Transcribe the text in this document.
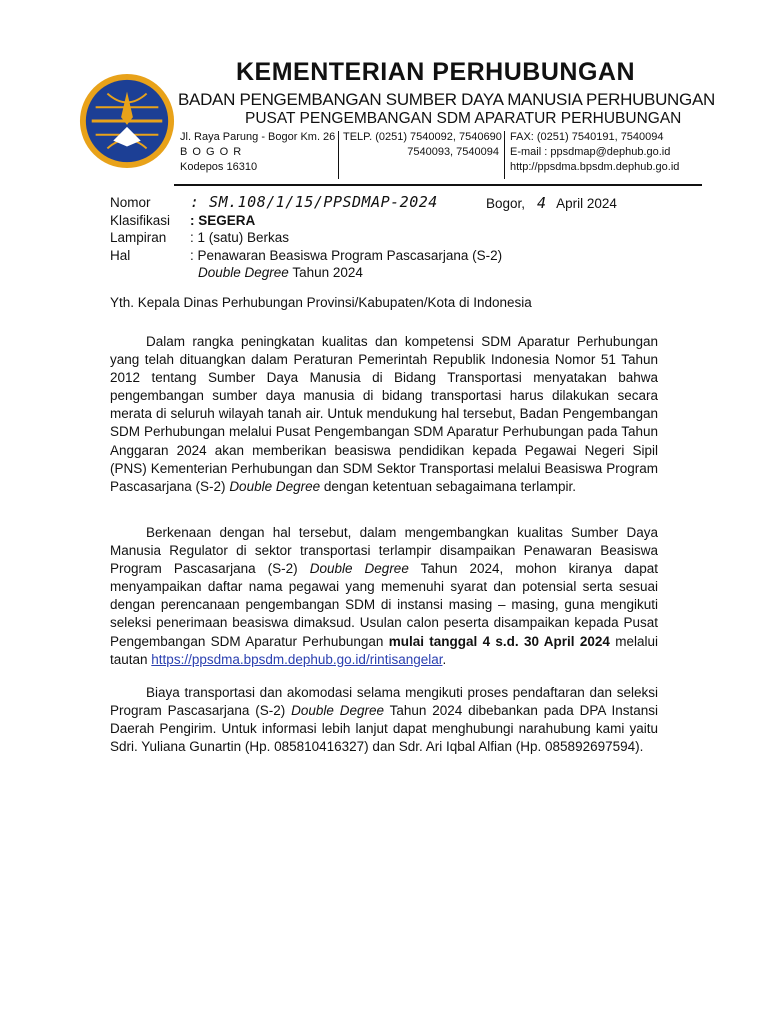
KEMENTERIAN PERHUBUNGAN
BADAN PENGEMBANGAN SUMBER DAYA MANUSIA PERHUBUNGAN
PUSAT PENGEMBANGAN SDM APARATUR PERHUBUNGAN
Jl. Raya Parung - Bogor Km. 26
B O G O R
Kodepos 16310
TELP. (0251) 7540092, 7540690
7540093, 7540094
FAX: (0251) 7540191, 7540094
E-mail : ppsdmap@dephub.go.id
http://ppsdma.bpsdm.dephub.go.id
Nomor	: SM.108/1/15/PPSDMAP-2024
Klasifikasi	: SEGERA
Lampiran	: 1 (satu) Berkas
Hal	: Penawaran Beasiswa Program Pascasarjana (S-2)
Double Degree Tahun 2024
Bogor, 4 April 2024
Yth. Kepala Dinas Perhubungan Provinsi/Kabupaten/Kota di Indonesia
Dalam rangka peningkatan kualitas dan kompetensi SDM Aparatur Perhubungan yang telah dituangkan dalam Peraturan Pemerintah Republik Indonesia Nomor 51 Tahun 2012 tentang Sumber Daya Manusia di Bidang Transportasi menyatakan bahwa pengembangan sumber daya manusia di bidang transportasi harus dilakukan secara merata di seluruh wilayah tanah air. Untuk mendukung hal tersebut, Badan Pengembangan SDM Perhubungan melalui Pusat Pengembangan SDM Aparatur Perhubungan pada Tahun Anggaran 2024 akan memberikan beasiswa pendidikan kepada Pegawai Negeri Sipil (PNS) Kementerian Perhubungan dan SDM Sektor Transportasi melalui Beasiswa Program Pascasarjana (S-2) Double Degree dengan ketentuan sebagaimana terlampir.
Berkenaan dengan hal tersebut, dalam mengembangkan kualitas Sumber Daya Manusia Regulator di sektor transportasi terlampir disampaikan Penawaran Beasiswa Program Pascasarjana (S-2) Double Degree Tahun 2024, mohon kiranya dapat menyampaikan daftar nama pegawai yang memenuhi syarat dan potensial serta sesuai dengan perencanaan pengembangan SDM di instansi masing – masing, guna mengikuti seleksi penerimaan beasiswa dimaksud. Usulan calon peserta disampaikan kepada Pusat Pengembangan SDM Aparatur Perhubungan mulai tanggal 4 s.d. 30 April 2024 melalui tautan https://ppsdma.bpsdm.dephub.go.id/rintisangelar.
Biaya transportasi dan akomodasi selama mengikuti proses pendaftaran dan seleksi Program Pascasarjana (S-2) Double Degree Tahun 2024 dibebankan pada DPA Instansi Daerah Pengirim. Untuk informasi lebih lanjut dapat menghubungi narahubung kami yaitu Sdri. Yuliana Gunartin (Hp. 085810416327) dan Sdr. Ari Iqbal Alfian (Hp. 085892697594).
